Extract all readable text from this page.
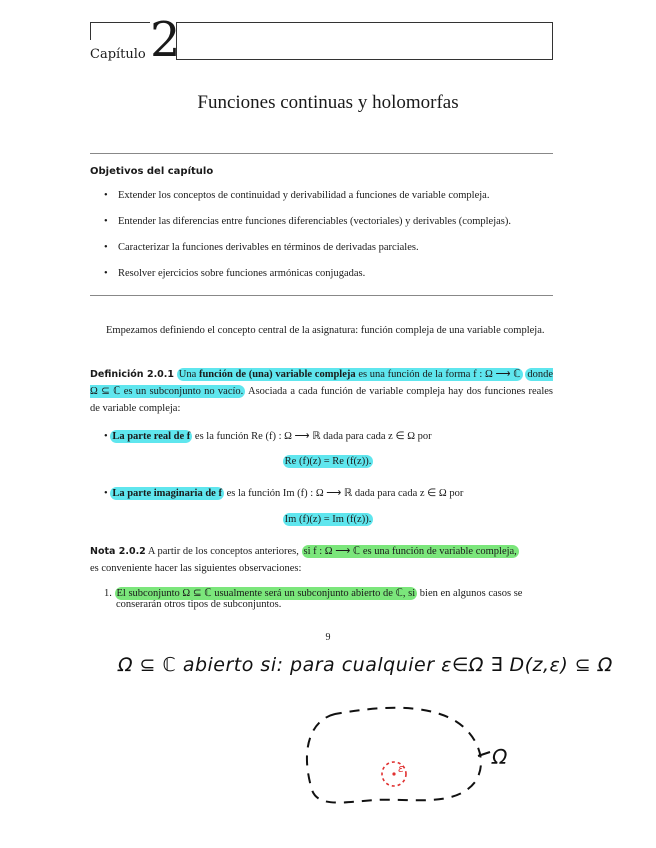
Capítulo 2
Funciones continuas y holomorfas
Objetivos del capítulo
• Extender los conceptos de continuidad y derivabilidad a funciones de variable compleja.
• Entender las diferencias entre funciones diferenciables (vectoriales) y derivables (complejas).
• Caracterizar la funciones derivables en términos de derivadas parciales.
• Resolver ejercicios sobre funciones armónicas conjugadas.
Empezamos definiendo el concepto central de la asignatura: función compleja de una variable compleja.
Definición 2.0.1 Una función de (una) variable compleja es una función de la forma f : Ω ⟶ ℂ donde Ω ⊆ ℂ es un subconjunto no vacío. Asociada a cada función de variable compleja hay dos funciones reales de variable compleja:
• La parte real de f es la función Re (f) : Ω ⟶ ℝ dada para cada z ∈ Ω por
Re (f)(z) = Re (f(z)).
• La parte imaginaria de f es la función Im (f) : Ω ⟶ ℝ dada para cada z ∈ Ω por
Im (f)(z) = Im (f(z)).
Nota 2.0.2 A partir de los conceptos anteriores, si f : Ω ⟶ ℂ es una función de variable compleja,
es conveniente hacer las siguientes observaciones:
1. El subconjunto Ω ⊆ ℂ usualmente será un subconjunto abierto de ℂ, si bien en algunos casos se
conserarán otros tipos de subconjuntos.
9
Ω ⊆ ℂ abierto si: para cualquier ε∈Ω ∃ D(z,ε) ⊆ Ω
ε	Ω
